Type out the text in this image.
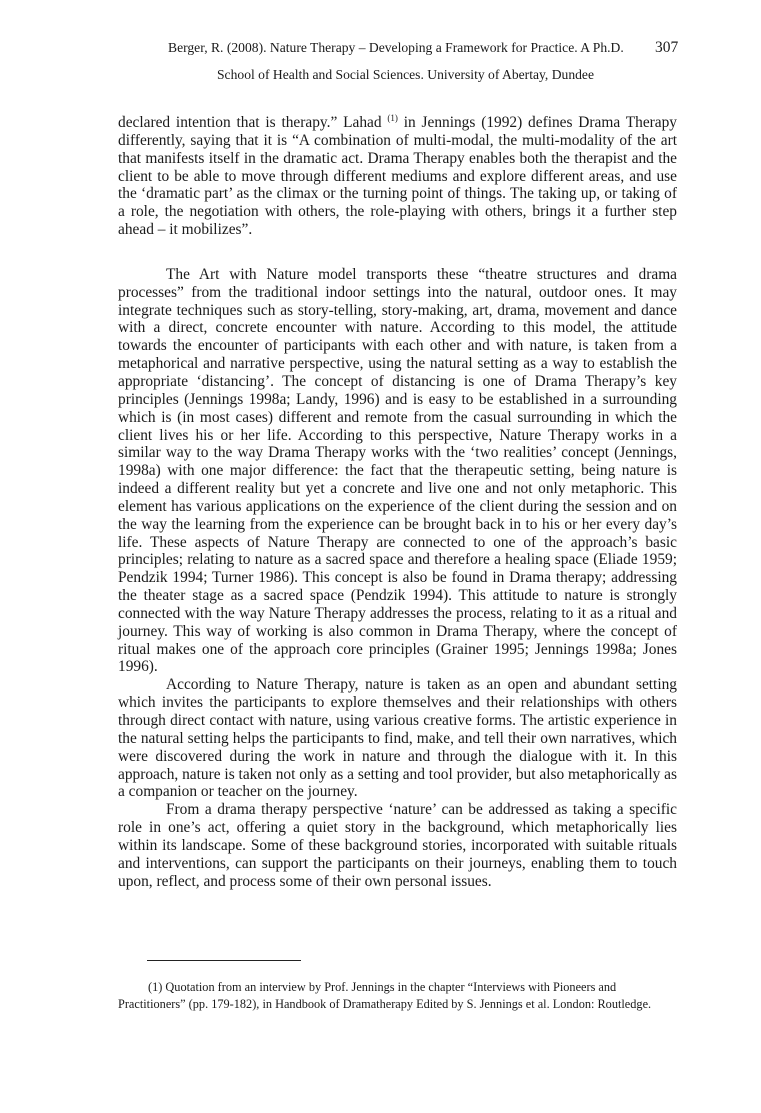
Berger, R. (2008). Nature Therapy – Developing a Framework for Practice. A Ph.D. 307
School of Health and Social Sciences. University of Abertay, Dundee

declared intention that is therapy.” Lahad $^{(1)}$ in Jennings (1992) defines Drama Therapy differently, saying that it is “A combination of multi-modal, the multi-modality of the art that manifests itself in the dramatic act. Drama Therapy enables both the therapist and the client to be able to move through different mediums and explore different areas, and use the ‘dramatic part’ as the climax or the turning point of things. The taking up, or taking of a role, the negotiation with others, the role-playing with others, brings it a further step ahead – it mobilizes”.

The Art with Nature model transports these “theatre structures and drama processes” from the traditional indoor settings into the natural, outdoor ones. It may integrate techniques such as story-telling, story-making, art, drama, movement and dance with a direct, concrete encounter with nature. According to this model, the attitude towards the encounter of participants with each other and with nature, is taken from a metaphorical and narrative perspective, using the natural setting as a way to establish the appropriate ‘distancing’. The concept of distancing is one of Drama Therapy’s key principles (Jennings 1998a; Landy, 1996) and is easy to be established in a surrounding which is (in most cases) different and remote from the casual surrounding in which the client lives his or her life. According to this perspective, Nature Therapy works in a similar way to the way Drama Therapy works with the ‘two realities’ concept (Jennings, 1998a) with one major difference: the fact that the therapeutic setting, being nature is indeed a different reality but yet a concrete and live one and not only metaphoric. This element has various applications on the experience of the client during the session and on the way the learning from the experience can be brought back in to his or her every day’s life. These aspects of Nature Therapy are connected to one of the approach’s basic principles; relating to nature as a sacred space and therefore a healing space (Eliade 1959; Pendzik 1994; Turner 1986). This concept is also be found in Drama therapy; addressing the theater stage as a sacred space (Pendzik 1994). This attitude to nature is strongly connected with the way Nature Therapy addresses the process, relating to it as a ritual and journey. This way of working is also common in Drama Therapy, where the concept of ritual makes one of the approach core principles (Grainer 1995; Jennings 1998a; Jones 1996).

According to Nature Therapy, nature is taken as an open and abundant setting which invites the participants to explore themselves and their relationships with others through direct contact with nature, using various creative forms. The artistic experience in the natural setting helps the participants to find, make, and tell their own narratives, which were discovered during the work in nature and through the dialogue with it. In this approach, nature is taken not only as a setting and tool provider, but also metaphorically as a companion or teacher on the journey.

From a drama therapy perspective ‘nature’ can be addressed as taking a specific role in one’s act, offering a quiet story in the background, which metaphorically lies within its landscape. Some of these background stories, incorporated with suitable rituals and interventions, can support the participants on their journeys, enabling them to touch upon, reflect, and process some of their own personal issues.

(1) Quotation from an interview by Prof. Jennings in the chapter “Interviews with Pioneers and Practitioners” (pp. 179-182), in Handbook of Dramatherapy Edited by S. Jennings et al. London: Routledge.
